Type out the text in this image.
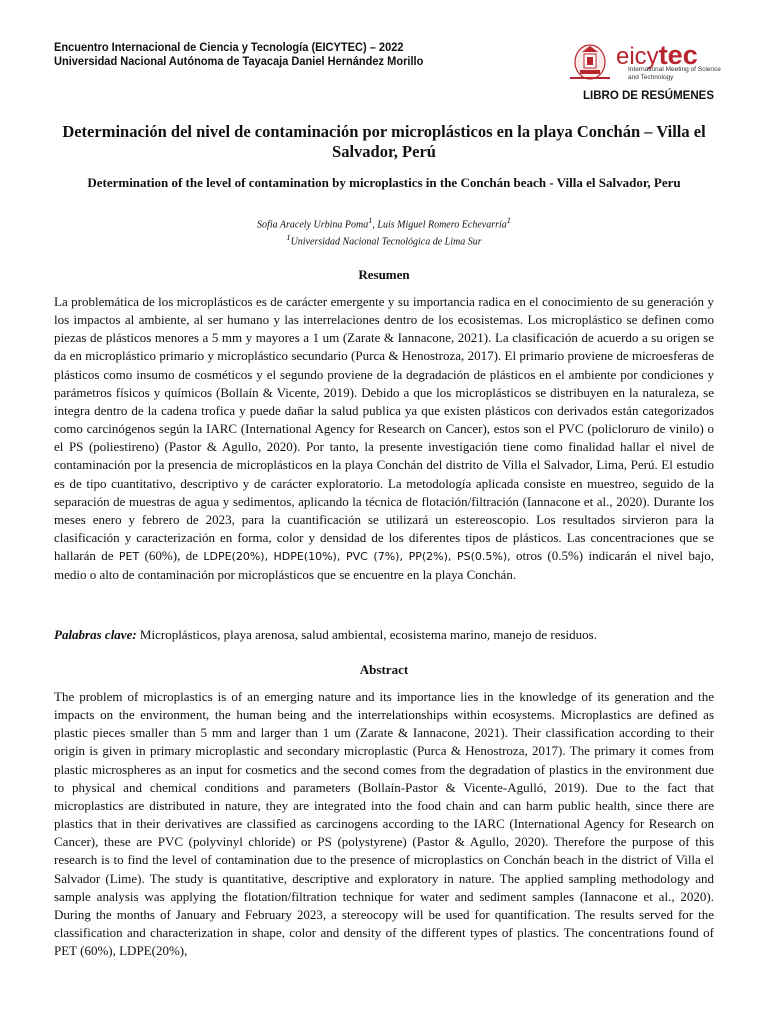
Encuentro Internacional de Ciencia y Tecnología (EICYTEC) – 2022
Universidad Nacional Autónoma de Tayacaja Daniel Hernández Morillo	eicytec
International Meeting of Science and Technology
LIBRO DE RESÚMENES
Determinación del nivel de contaminación por microplásticos en la playa Conchán – Villa el Salvador, Perú
Determination of the level of contamination by microplastics in the Conchán beach - Villa el Salvador, Peru
Sofia Aracely Urbina Poma$^1$, Luis Miguel Romero Echevarría$^1$
$^1$Universidad Nacional Tecnológica de Lima Sur
Resumen

La problemática de los microplásticos es de carácter emergente y su importancia radica en el conocimiento de su generación y los impactos al ambiente, al ser humano y las interrelaciones dentro de los ecosistemas. Los microplástico se definen como piezas de plásticos menores a 5 mm y mayores a 1 um (Zarate & Iannacone, 2021). La clasificación de acuerdo a su origen se da en microplástico primario y microplástico secundario (Purca & Henostroza, 2017). El primario proviene de microesferas de plásticos como insumo de cosméticos y el segundo proviene de la degradación de plásticos en el ambiente por condiciones y parámetros físicos y químicos (Bollaín & Vicente, 2019). Debido a que los microplásticos se distribuyen en la naturaleza, se integra dentro de la cadena trofica y puede dañar la salud publica ya que existen plásticos con derivados están categorizados como carcinógenos según la IARC (International Agency for Research on Cancer), estos son el PVC (policloruro de vinilo) o el PS (poliestireno) (Pastor & Agullo, 2020). Por tanto, la presente investigación tiene como finalidad hallar el nivel de contaminación por la presencia de microplásticos en la playa Conchán del distrito de Villa el Salvador, Lima, Perú. El estudio es de tipo cuantitativo, descriptivo y de carácter exploratorio. La metodología aplicada consiste en muestreo, seguido de la separación de muestras de agua y sedimentos, aplicando la técnica de flotación/filtración (Iannacone et al., 2020). Durante los meses enero y febrero de 2023, para la cuantificación se utilizará un estereoscopio. Los resultados sirvieron para la clasificación y caracterización en forma, color y densidad de los diferentes tipos de plásticos. Las concentraciones que se hallarán de PET (60%), de LDPE(20%), HDPE(10%), PVC (7%), PP(2%), PS(0.5%), otros (0.5%) indicarán el nivel bajo, medio o alto de contaminación por microplásticos que se encuentre en la playa Conchán.

Palabras clave: Microplásticos, playa arenosa, salud ambiental, ecosistema marino, manejo de residuos.
Abstract

The problem of microplastics is of an emerging nature and its importance lies in the knowledge of its generation and the impacts on the environment, the human being and the interrelationships within ecosystems. Microplastics are defined as plastic pieces smaller than 5 mm and larger than 1 um (Zarate & Iannacone, 2021). Their classification according to their origin is given in primary microplastic and secondary microplastic (Purca & Henostroza, 2017). The primary it comes from plastic microspheres as an input for cosmetics and the second comes from the degradation of plastics in the environment due to physical and chemical conditions and parameters (Bollaín-Pastor & Vicente-Agulló, 2019). Due to the fact that microplastics are distributed in nature, they are integrated into the food chain and can harm public health, since there are plastics that in their derivatives are classified as carcinogens according to the IARC (International Agency for Research on Cancer), these are PVC (polyvinyl chloride) or PS (polystyrene) (Pastor & Agullo, 2020). Therefore the purpose of this research is to find the level of contamination due to the presence of microplastics on Conchán beach in the district of Villa el Salvador (Lime). The study is quantitative, descriptive and exploratory in nature. The applied sampling methodology and sample analysis was applying the flotation/filtration technique for water and sediment samples (Iannacone et al., 2020). During the months of January and February 2023, a stereocopy will be used for quantification. The results served for the classification and characterization in shape, color and density of the different types of plastics. The concentrations found of PET (60%), LDPE(20%),
